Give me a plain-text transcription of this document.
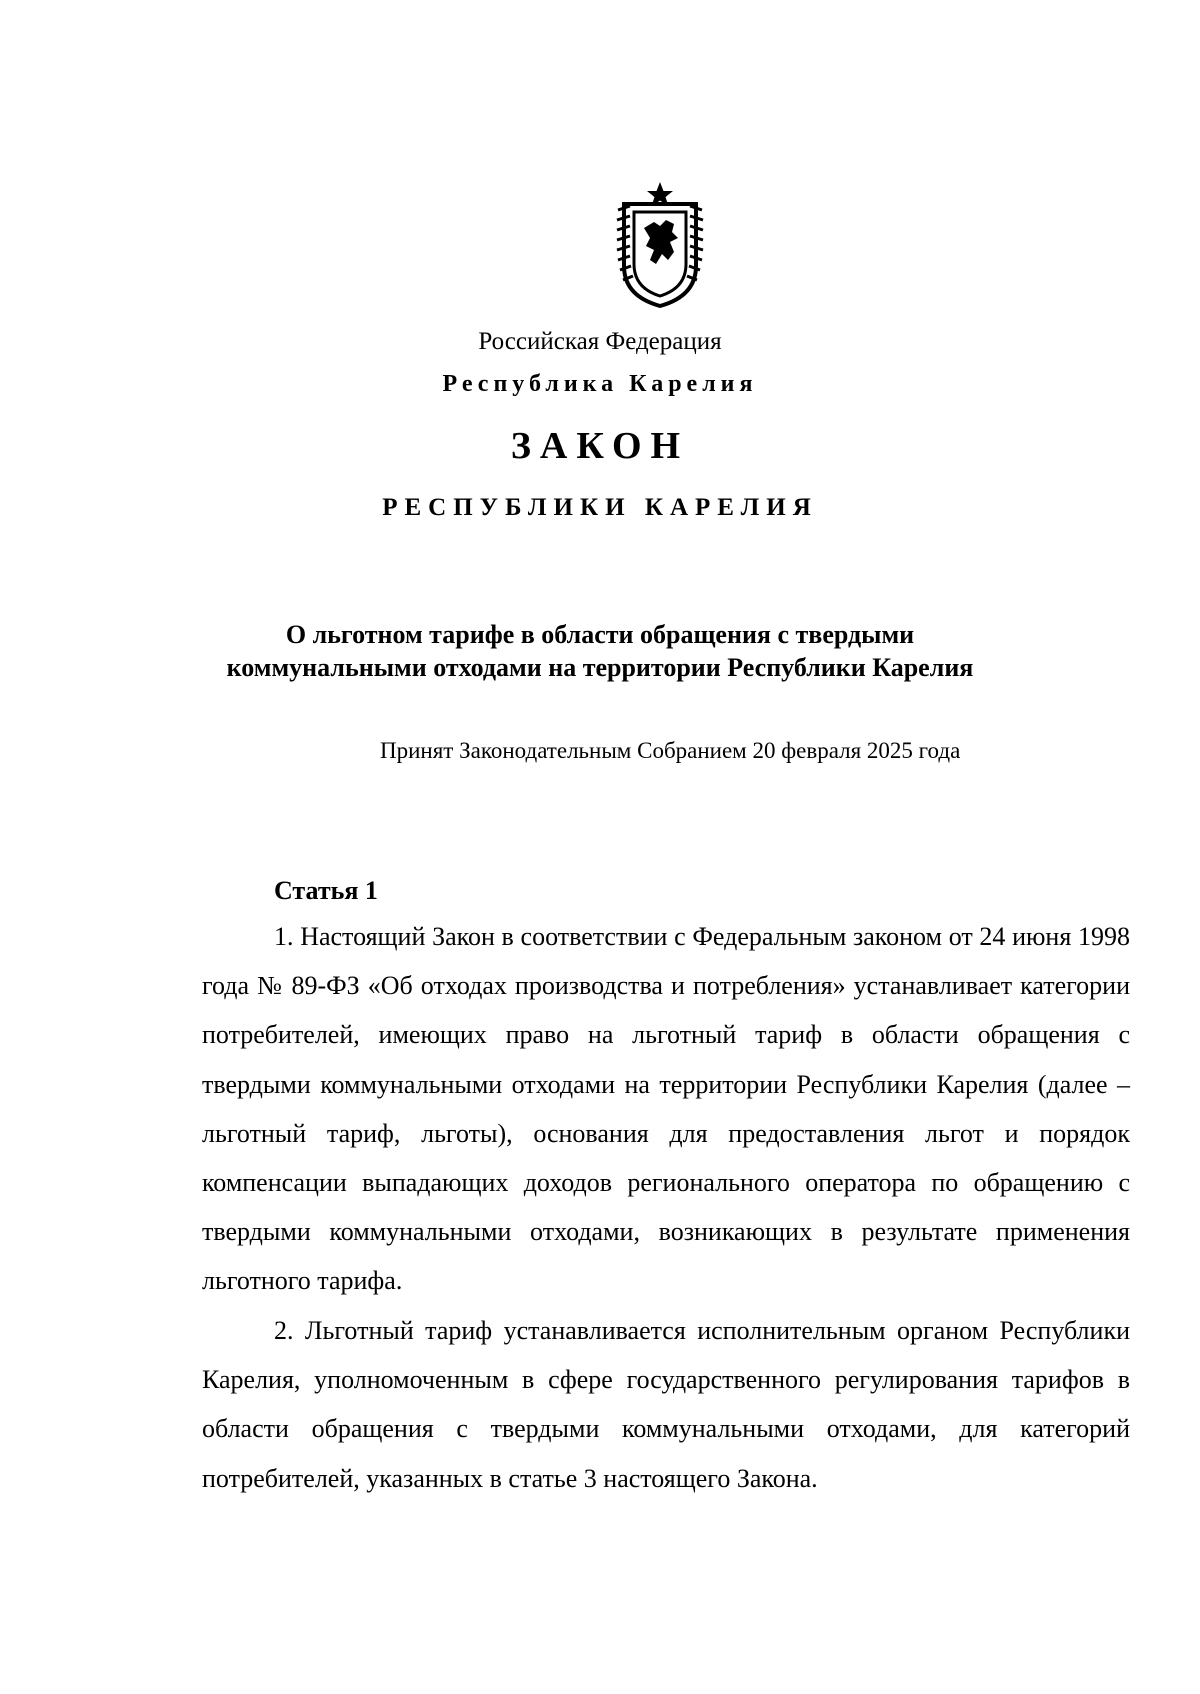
Российская Федерация
Республика Карелия
ЗАКОН
РЕСПУБЛИКИ КАРЕЛИЯ
О льготном тарифе в области обращения с твердыми
коммунальными отходами на территории Республики Карелия
Принят Законодательным Собранием 20 февраля 2025 года
Статья 1

1. Настоящий Закон в соответствии с Федеральным законом от 24 июня 1998 года № 89-ФЗ «Об отходах производства и потребления» устанавливает категории потребителей, имеющих право на льготный тариф в области обращения с твердыми коммунальными отходами на территории Республики Карелия (далее – льготный тариф, льготы), основания для предоставления льгот и порядок компенсации выпадающих доходов регионального оператора по обращению с твердыми коммунальными отходами, возникающих в результате применения льготного тарифа.

2. Льготный тариф устанавливается исполнительным органом Республики Карелия, уполномоченным в сфере государственного регулирования тарифов в области обращения с твердыми коммунальными отходами, для категорий потребителей, указанных в статье 3 настоящего Закона.
